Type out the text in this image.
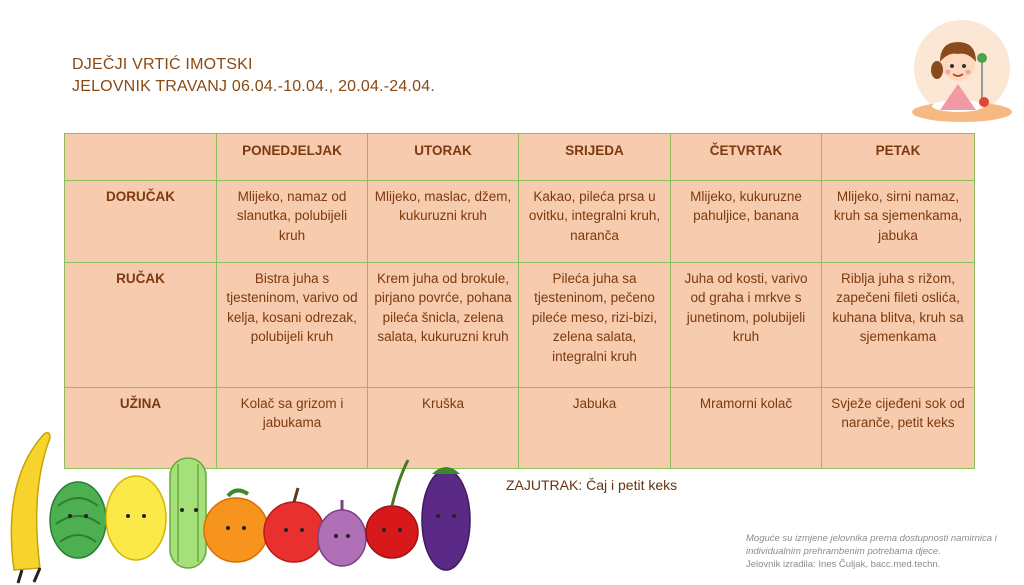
DJEČJI VRTIĆ IMOTSKI
JELOVNIK TRAVANJ 06.04.-10.04., 20.04.-24.04.
	PONEDJELJAK	UTORAK	SRIJEDA	ČETVRTAK	PETAK
DORUČAK	Mlijeko, namaz od slanutka, polubijeli kruh	Mlijeko, maslac, džem, kukuruzni kruh	Kakao, pileća prsa u ovitku, integralni kruh, naranča	Mlijeko, kukuruzne pahuljice, banana	Mlijeko, sirni namaz, kruh sa sjemenkama, jabuka
RUČAK	Bistra juha s tjesteninom, varivo od kelja, kosani odrezak, polubijeli kruh	Krem juha od brokule, pirjano povrće, pohana pileća šnicla, zelena salata, kukuruzni kruh	Pileća juha sa tjesteninom, pečeno pileće meso, rizi-bizi, zelena salata, integralni kruh	Juha od kosti, varivo od graha i mrkve s junetinom, polubijeli kruh	Riblja juha s rižom, zapečeni fileti oslića, kuhana blitva, kruh sa sjemenkama
UŽINA	Kolač sa grizom i jabukama	Kruška	Jabuka	Mramorni kolač	Svježe cijeđeni sok od naranče, petit keks
ZAJUTRAK: Čaj i petit keks
Moguće su izmjene jelovnika prema dostupnosti namirnica i individualnim prehrambenim potrebama djece.
Jelovnik izradila: Ines Čuljak, bacc.med.techn.
